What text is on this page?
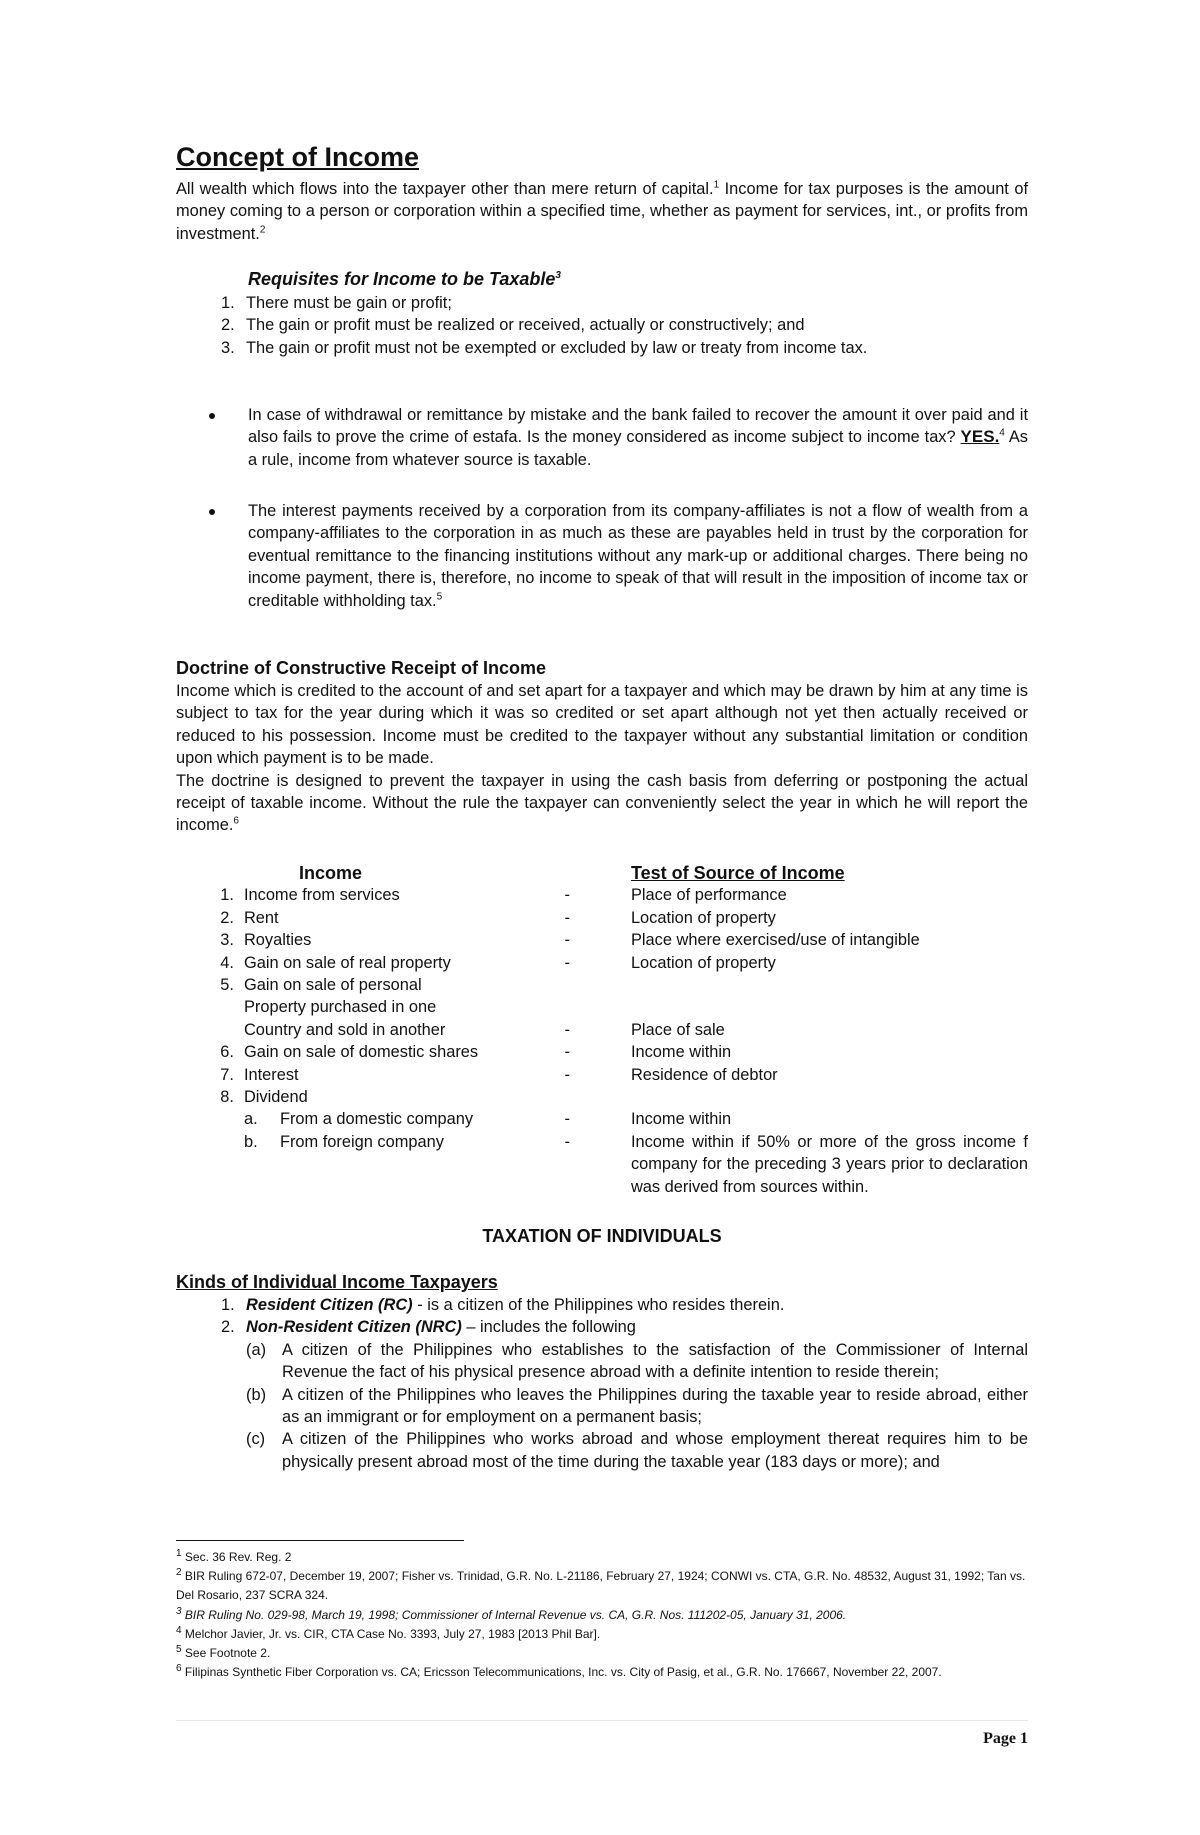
Concept of Income
All wealth which flows into the taxpayer other than mere return of capital.$^1$ Income for tax purposes is the amount of money coming to a person or corporation within a specified time, whether as payment for services, int., or profits from investment.$^2$
Requisites for Income to be Taxable$^3$
1. There must be gain or profit;
2. The gain or profit must be realized or received, actually or constructively; and
3. The gain or profit must not be exempted or excluded by law or treaty from income tax.

In case of withdrawal or remittance by mistake and the bank failed to recover the amount it over paid and it also fails to prove the crime of estafa. Is the money considered as income subject to income tax? YES.$^4$ As a rule, income from whatever source is taxable.

The interest payments received by a corporation from its company-affiliates is not a flow of wealth from a company-affiliates to the corporation in as much as these are payables held in trust by the corporation for eventual remittance to the financing institutions without any mark-up or additional charges. There being no income payment, there is, therefore, no income to speak of that will result in the imposition of income tax or creditable withholding tax.$^5$

Doctrine of Constructive Receipt of Income

Income which is credited to the account of and set apart for a taxpayer and which may be drawn by him at any time is subject to tax for the year during which it was so credited or set apart although not yet then actually received or reduced to his possession. Income must be credited to the taxpayer without any substantial limitation or condition upon which payment is to be made.

The doctrine is designed to prevent the taxpayer in using the cash basis from deferring or postponing the actual receipt of taxable income. Without the rule the taxpayer can conveniently select the year in which he will report the income.$^6$

	Income		Test of Source of Income
1.	Income from services	-	Place of performance
2.	Rent	-	Location of property
3.	Royalties	-	Place where exercised/use of intangible
4.	Gain on sale of real property	-	Location of property
5.	Gain on sale of personal		
	Property purchased in one		
	Country and sold in another	-	Place of sale
6.	Gain on sale of domestic shares	-	Income within
7.	Interest	-	Residence of debtor
8.	Dividend		

	a. From a domestic company	-	Income within

	b. From foreign company	-	Income within if 50% or more of the gross income f company for the preceding 3 years prior to declaration was derived from sources within.
TAXATION OF INDIVIDUALS
Kinds of Individual Income Taxpayers
1. Resident Citizen (RC) - is a citizen of the Philippines who resides therein.
2. Non-Resident Citizen (NRC) – includes the following
(a) A citizen of the Philippines who establishes to the satisfaction of the Commissioner of Internal Revenue the fact of his physical presence abroad with a definite intention to reside therein;
(b) A citizen of the Philippines who leaves the Philippines during the taxable year to reside abroad, either as an immigrant or for employment on a permanent basis;
(c) A citizen of the Philippines who works abroad and whose employment thereat requires him to be physically present abroad most of the time during the taxable year (183 days or more); and
$^1$ Sec. 36 Rev. Reg. 2
$^2$ BIR Ruling 672-07, December 19, 2007; Fisher vs. Trinidad, G.R. No. L-21186, February 27, 1924; CONWI vs. CTA, G.R. No. 48532, August 31, 1992; Tan vs. Del Rosario, 237 SCRA 324.
$^3$ BIR Ruling No. 029-98, March 19, 1998; Commissioner of Internal Revenue vs. CA, G.R. Nos. 111202-05, January 31, 2006.
$^4$ Melchor Javier, Jr. vs. CIR, CTA Case No. 3393, July 27, 1983 [2013 Phil Bar].
$^5$ See Footnote 2.
$^6$ Filipinas Synthetic Fiber Corporation vs. CA; Ericsson Telecommunications, Inc. vs. City of Pasig, et al., G.R. No. 176667, November 22, 2007.
Page 1
